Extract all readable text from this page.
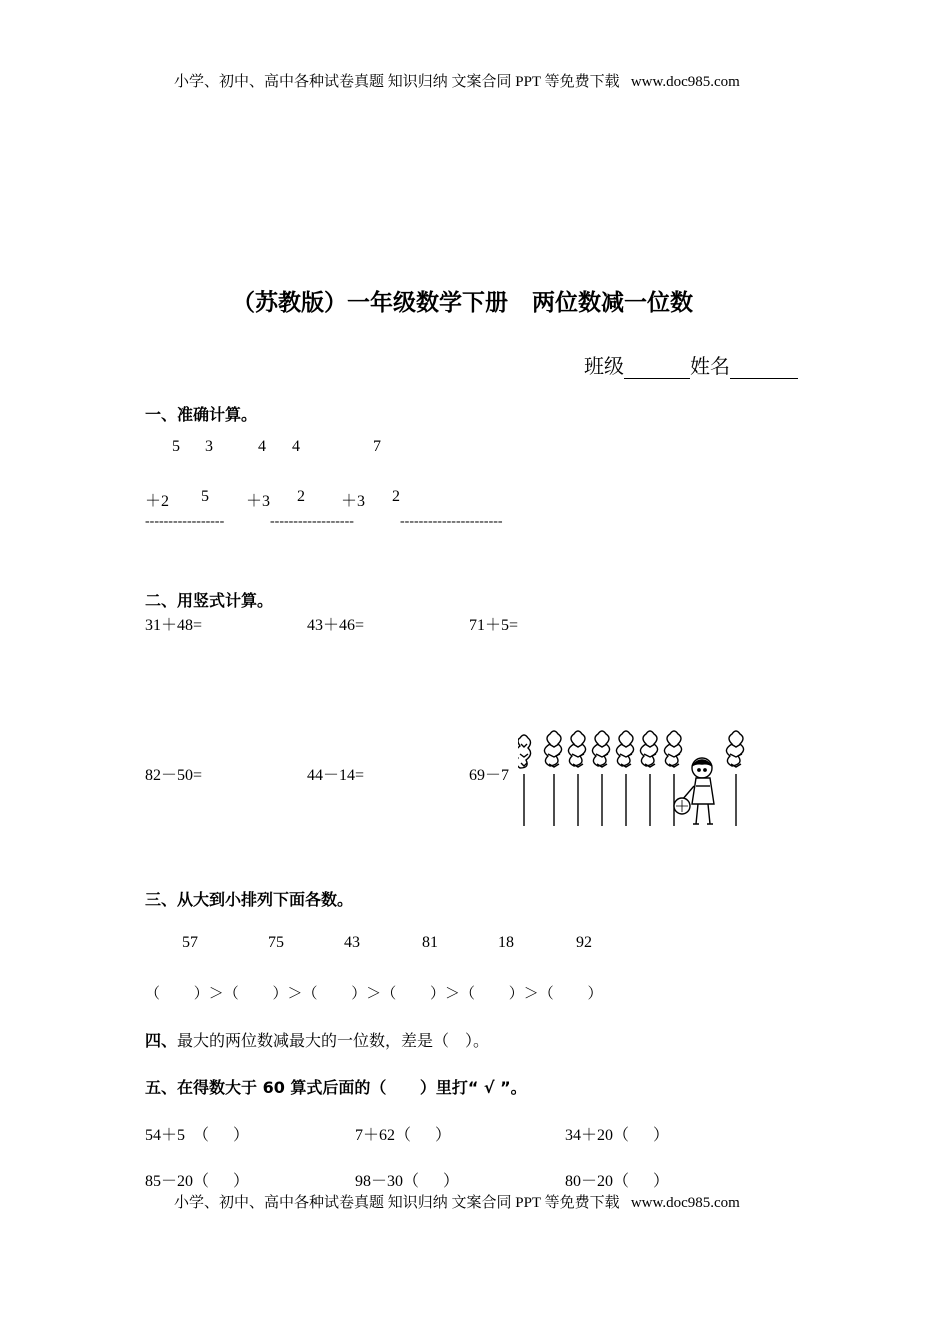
小学、初中、高中各种试卷真题 知识归纳 文案合同 PPT 等免费下载   www.doc985.com
（苏教版）一年级数学下册   两位数减一位数
班级	姓名
一、准确计算。
5 3	4 4	7
＋2 5 ＋3 2 ＋3 2
-----------------	------------------	----------------------
二、用竖式计算。
31＋48=	43＋46=	71＋5=
82－50=	44－14=	69－7
三、从大到小排列下面各数。
57	75	43	81	18	92
（         ）＞（         ）＞（         ）＞（         ）＞（         ）＞（         ）
四、最大的两位数减最大的一位数，差是（    ）。
五、在得数大于 60 算式后面的（      ）里打“ √ ”。
54＋5  （      ）	7＋62（      ）	34＋20（      ）
85－20（      ）	98－30（      ）	80－20（      ）
小学、初中、高中各种试卷真题 知识归纳 文案合同 PPT 等免费下载   www.doc985.com
